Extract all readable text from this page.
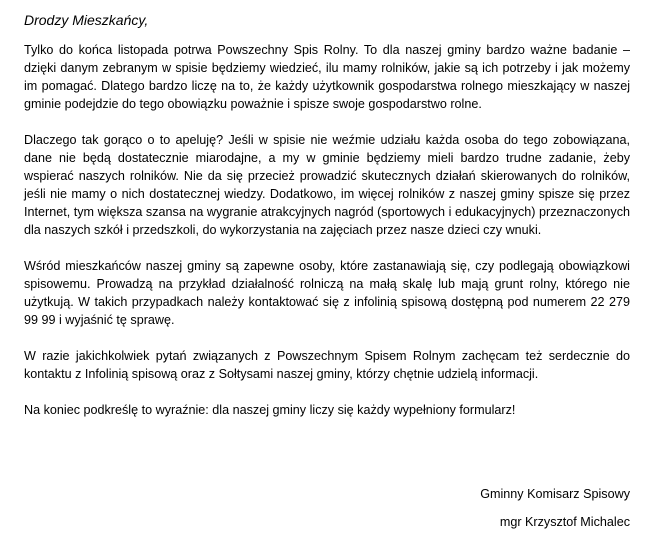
Drodzy Mieszkańcy,

Tylko do końca listopada potrwa Powszechny Spis Rolny. To dla naszej gminy bardzo ważne badanie – dzięki danym zebranym w spisie będziemy wiedzieć, ilu mamy rolników, jakie są ich potrzeby i jak możemy im pomagać. Dlatego bardzo liczę na to, że każdy użytkownik gospodarstwa rolnego mieszkający w naszej gminie podejdzie do tego obowiązku poważnie i spisze swoje gospodarstwo rolne.

Dlaczego tak gorąco o to apeluję? Jeśli w spisie nie weźmie udziału każda osoba do tego zobowiązana, dane nie będą dostatecznie miarodajne, a my w gminie będziemy mieli bardzo trudne zadanie, żeby wspierać naszych rolników. Nie da się przecież prowadzić skutecznych działań skierowanych do rolników, jeśli nie mamy o nich dostatecznej wiedzy. Dodatkowo, im więcej rolników z naszej gminy spisze się przez Internet, tym większa szansa na wygranie atrakcyjnych nagród (sportowych i edukacyjnych) przeznaczonych dla naszych szkół i przedszkoli, do wykorzystania na zajęciach przez nasze dzieci czy wnuki.

Wśród mieszkańców naszej gminy są zapewne osoby, które zastanawiają się, czy podlegają obowiązkowi spisowemu. Prowadzą na przykład działalność rolniczą na małą skalę lub mają grunt rolny, którego nie użytkują. W takich przypadkach należy kontaktować się z infolinią spisową dostępną pod numerem 22 279 99 99 i wyjaśnić tę sprawę.

W razie jakichkolwiek pytań związanych z Powszechnym Spisem Rolnym zachęcam też serdecznie do kontaktu z Infolinią spisową oraz z Sołtysami naszej gminy, którzy chętnie udzielą informacji.

Na koniec podkreślę to wyraźnie: dla naszej gminy liczy się każdy wypełniony formularz!

Gminny Komisarz Spisowy
mgr Krzysztof Michalec
